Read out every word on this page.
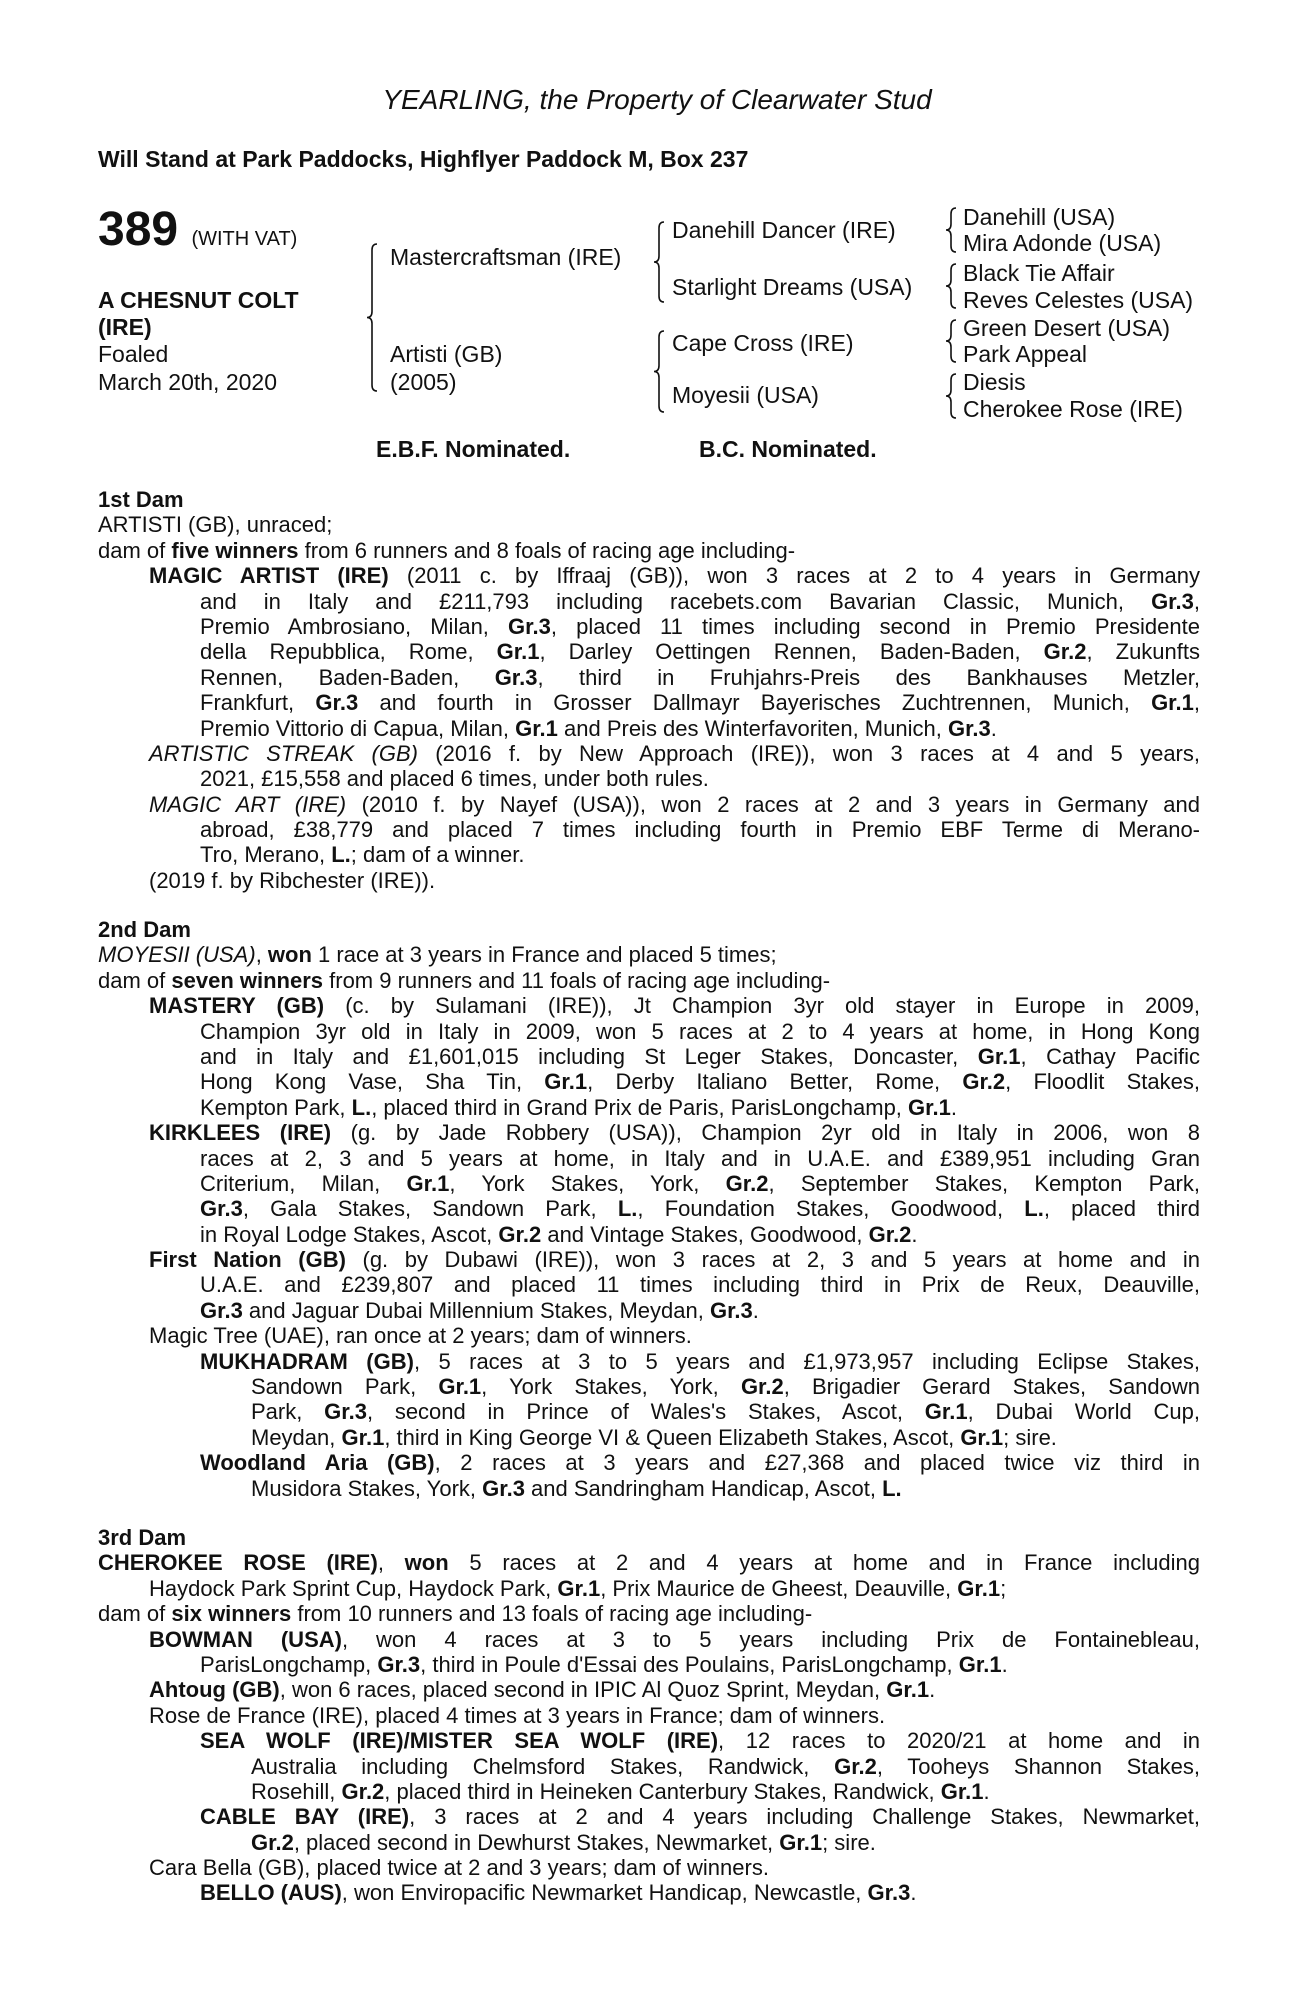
YEARLING, the Property of Clearwater Stud
Will Stand at Park Paddocks, Highflyer Paddock M, Box 237
389 (WITH VAT)
A CHESNUT COLT
(IRE)
Foaled
March 20th, 2020
Mastercraftsman (IRE)
Artisti (GB)
(2005)
Danehill Dancer (IRE)
Starlight Dreams (USA)
Cape Cross (IRE)
Moyesii (USA)
Danehill (USA)
Mira Adonde (USA)
Black Tie Affair
Reves Celestes (USA)
Green Desert (USA)
Park Appeal
Diesis
Cherokee Rose (IRE)
E.B.F. Nominated.	B.C. Nominated.
1st Dam
ARTISTI (GB), unraced;
dam of five winners from 6 runners and 8 foals of racing age including-
MAGIC ARTIST (IRE) (2011 c. by Iffraaj (GB)), won 3 races at 2 to 4 years in Germany
and in Italy and £211,793 including racebets.com Bavarian Classic, Munich, Gr.3,
Premio Ambrosiano, Milan, Gr.3, placed 11 times including second in Premio Presidente
della Repubblica, Rome, Gr.1, Darley Oettingen Rennen, Baden-Baden, Gr.2, Zukunfts
Rennen, Baden-Baden, Gr.3, third in Fruhjahrs-Preis des Bankhauses Metzler,
Frankfurt, Gr.3 and fourth in Grosser Dallmayr Bayerisches Zuchtrennen, Munich, Gr.1,
Premio Vittorio di Capua, Milan, Gr.1 and Preis des Winterfavoriten, Munich, Gr.3.
ARTISTIC STREAK (GB) (2016 f. by New Approach (IRE)), won 3 races at 4 and 5 years,
2021, £15,558 and placed 6 times, under both rules.
MAGIC ART (IRE) (2010 f. by Nayef (USA)), won 2 races at 2 and 3 years in Germany and
abroad, £38,779 and placed 7 times including fourth in Premio EBF Terme di Merano-
Tro, Merano, L.; dam of a winner.
(2019 f. by Ribchester (IRE)).
2nd Dam
MOYESII (USA), won 1 race at 3 years in France and placed 5 times;
dam of seven winners from 9 runners and 11 foals of racing age including-
MASTERY (GB) (c. by Sulamani (IRE)), Jt Champion 3yr old stayer in Europe in 2009,
Champion 3yr old in Italy in 2009, won 5 races at 2 to 4 years at home, in Hong Kong
and in Italy and £1,601,015 including St Leger Stakes, Doncaster, Gr.1, Cathay Pacific
Hong Kong Vase, Sha Tin, Gr.1, Derby Italiano Better, Rome, Gr.2, Floodlit Stakes,
Kempton Park, L., placed third in Grand Prix de Paris, ParisLongchamp, Gr.1.
KIRKLEES (IRE) (g. by Jade Robbery (USA)), Champion 2yr old in Italy in 2006, won 8
races at 2, 3 and 5 years at home, in Italy and in U.A.E. and £389,951 including Gran
Criterium, Milan, Gr.1, York Stakes, York, Gr.2, September Stakes, Kempton Park,
Gr.3, Gala Stakes, Sandown Park, L., Foundation Stakes, Goodwood, L., placed third
in Royal Lodge Stakes, Ascot, Gr.2 and Vintage Stakes, Goodwood, Gr.2.
First Nation (GB) (g. by Dubawi (IRE)), won 3 races at 2, 3 and 5 years at home and in
U.A.E. and £239,807 and placed 11 times including third in Prix de Reux, Deauville,
Gr.3 and Jaguar Dubai Millennium Stakes, Meydan, Gr.3.
Magic Tree (UAE), ran once at 2 years; dam of winners.
MUKHADRAM (GB), 5 races at 3 to 5 years and £1,973,957 including Eclipse Stakes,
Sandown Park, Gr.1, York Stakes, York, Gr.2, Brigadier Gerard Stakes, Sandown
Park, Gr.3, second in Prince of Wales's Stakes, Ascot, Gr.1, Dubai World Cup,
Meydan, Gr.1, third in King George VI & Queen Elizabeth Stakes, Ascot, Gr.1; sire.
Woodland Aria (GB), 2 races at 3 years and £27,368 and placed twice viz third in
Musidora Stakes, York, Gr.3 and Sandringham Handicap, Ascot, L.
3rd Dam
CHEROKEE ROSE (IRE), won 5 races at 2 and 4 years at home and in France including
Haydock Park Sprint Cup, Haydock Park, Gr.1, Prix Maurice de Gheest, Deauville, Gr.1;
dam of six winners from 10 runners and 13 foals of racing age including-
BOWMAN (USA), won 4 races at 3 to 5 years including Prix de Fontainebleau,
ParisLongchamp, Gr.3, third in Poule d'Essai des Poulains, ParisLongchamp, Gr.1.
Ahtoug (GB), won 6 races, placed second in IPIC Al Quoz Sprint, Meydan, Gr.1.
Rose de France (IRE), placed 4 times at 3 years in France; dam of winners.
SEA WOLF (IRE)/MISTER SEA WOLF (IRE), 12 races to 2020/21 at home and in
Australia including Chelmsford Stakes, Randwick, Gr.2, Tooheys Shannon Stakes,
Rosehill, Gr.2, placed third in Heineken Canterbury Stakes, Randwick, Gr.1.
CABLE BAY (IRE), 3 races at 2 and 4 years including Challenge Stakes, Newmarket,
Gr.2, placed second in Dewhurst Stakes, Newmarket, Gr.1; sire.
Cara Bella (GB), placed twice at 2 and 3 years; dam of winners.
BELLO (AUS), won Enviropacific Newmarket Handicap, Newcastle, Gr.3.
